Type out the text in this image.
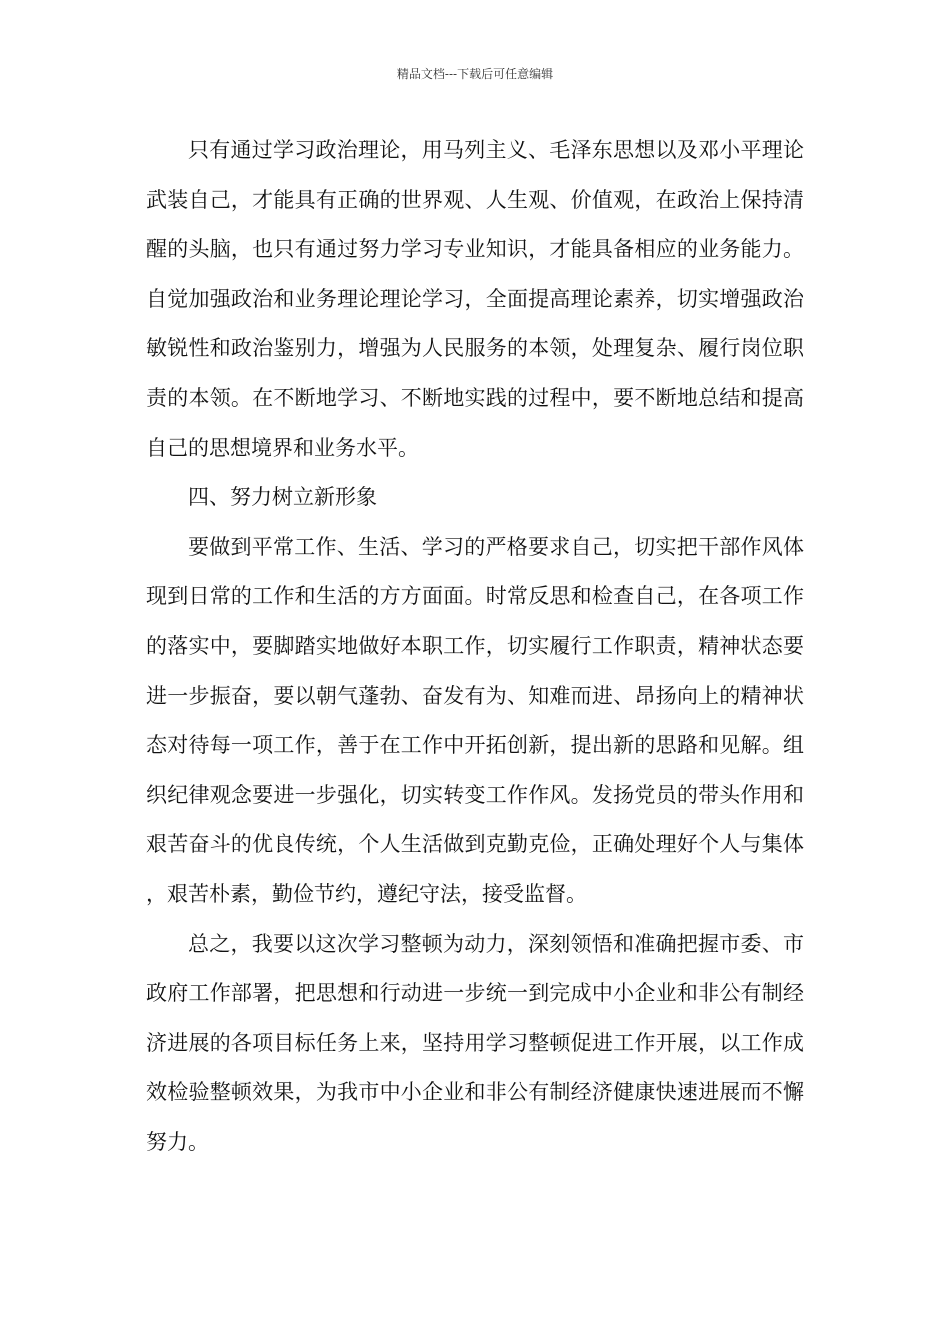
精品文档---下载后可任意编辑

只有通过学习政治理论，用马列主义、毛泽东思想以及邓小平理论武装自己，才能具有正确的世界观、人生观、价值观，在政治上保持清醒的头脑，也只有通过努力学习专业知识，才能具备相应的业务能力。自觉加强政治和业务理论理论学习，全面提高理论素养，切实增强政治敏锐性和政治鉴别力，增强为人民服务的本领，处理复杂、履行岗位职责的本领。在不断地学习、不断地实践的过程中，要不断地总结和提高自己的思想境界和业务水平。

四、努力树立新形象

要做到平常工作、生活、学习的严格要求自己，切实把干部作风体现到日常的工作和生活的方方面面。时常反思和检查自己，在各项工作的落实中，要脚踏实地做好本职工作，切实履行工作职责，精神状态要进一步振奋，要以朝气蓬勃、奋发有为、知难而进、昂扬向上的精神状态对待每一项工作，善于在工作中开拓创新，提出新的思路和见解。组织纪律观念要进一步强化，切实转变工作作风。发扬党员的带头作用和艰苦奋斗的优良传统，个人生活做到克勤克俭，正确处理好个人与集体，艰苦朴素，勤俭节约，遵纪守法，接受监督。

总之，我要以这次学习整顿为动力，深刻领悟和准确把握市委、市政府工作部署，把思想和行动进一步统一到完成中小企业和非公有制经济进展的各项目标任务上来，坚持用学习整顿促进工作开展，以工作成效检验整顿效果，为我市中小企业和非公有制经济健康快速进展而不懈努力。
